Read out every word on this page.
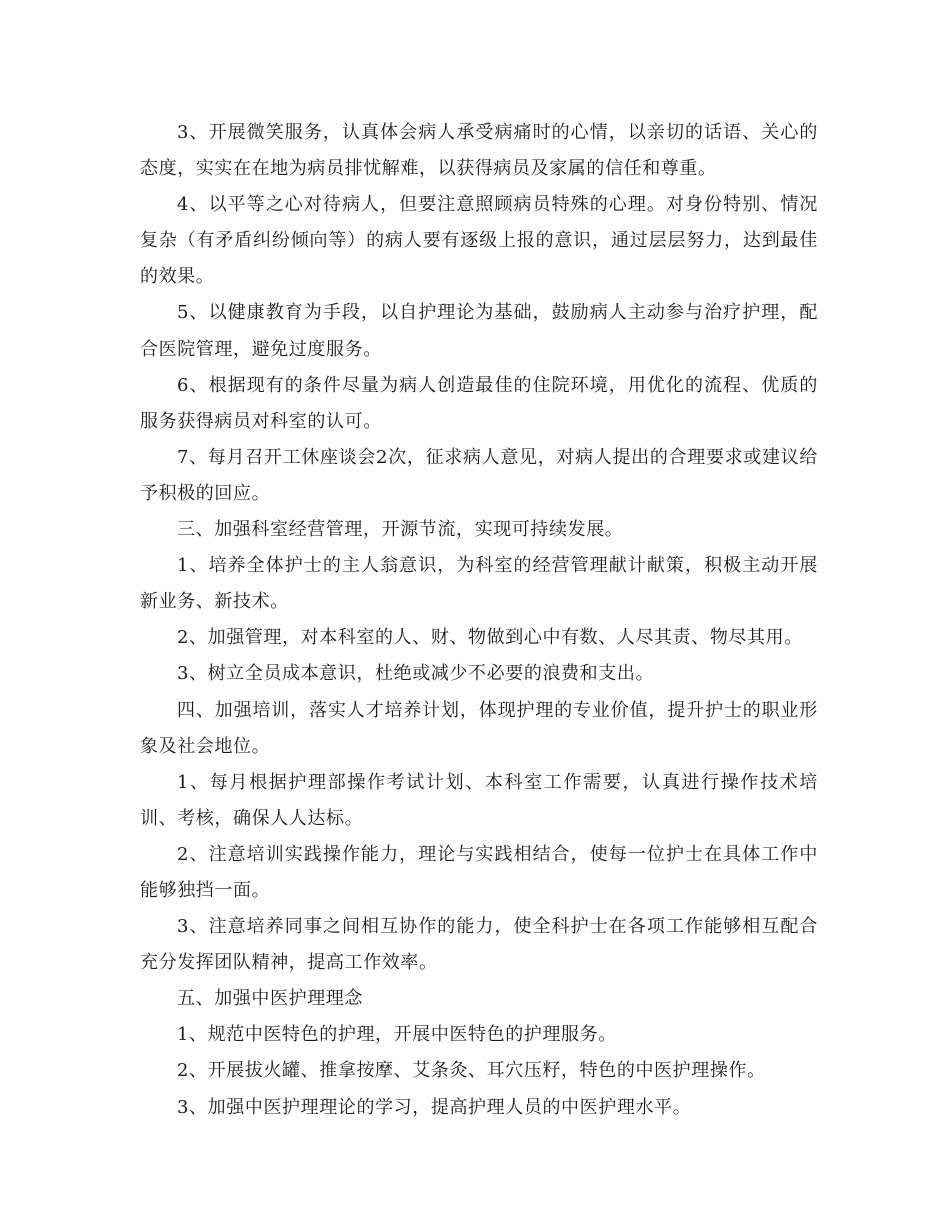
3、开展微笑服务，认真体会病人承受病痛时的心情，以亲切的话语、关心的态度，实实在在地为病员排忧解难，以获得病员及家属的信任和尊重。

4、以平等之心对待病人，但要注意照顾病员特殊的心理。对身份特别、情况复杂（有矛盾纠纷倾向等）的病人要有逐级上报的意识，通过层层努力，达到最佳的效果。

5、以健康教育为手段，以自护理论为基础，鼓励病人主动参与治疗护理，配合医院管理，避免过度服务。

6、根据现有的条件尽量为病人创造最佳的住院环境，用优化的流程、优质的服务获得病员对科室的认可。

7、每月召开工休座谈会2次，征求病人意见，对病人提出的合理要求或建议给予积极的回应。

三、加强科室经营管理，开源节流，实现可持续发展。

1、培养全体护士的主人翁意识，为科室的经营管理献计献策，积极主动开展新业务、新技术。

2、加强管理，对本科室的人、财、物做到心中有数、人尽其责、物尽其用。

3、树立全员成本意识，杜绝或减少不必要的浪费和支出。

四、加强培训，落实人才培养计划，体现护理的专业价值，提升护士的职业形象及社会地位。

1、每月根据护理部操作考试计划、本科室工作需要，认真进行操作技术培训、考核，确保人人达标。

2、注意培训实践操作能力，理论与实践相结合，使每一位护士在具体工作中能够独挡一面。

3、注意培养同事之间相互协作的能力，使全科护士在各项工作能够相互配合充分发挥团队精神，提高工作效率。

五、加强中医护理理念

1、规范中医特色的护理，开展中医特色的护理服务。

2、开展拔火罐、推拿按摩、艾条灸、耳穴压籽，特色的中医护理操作。

3、加强中医护理理论的学习，提高护理人员的中医护理水平。
